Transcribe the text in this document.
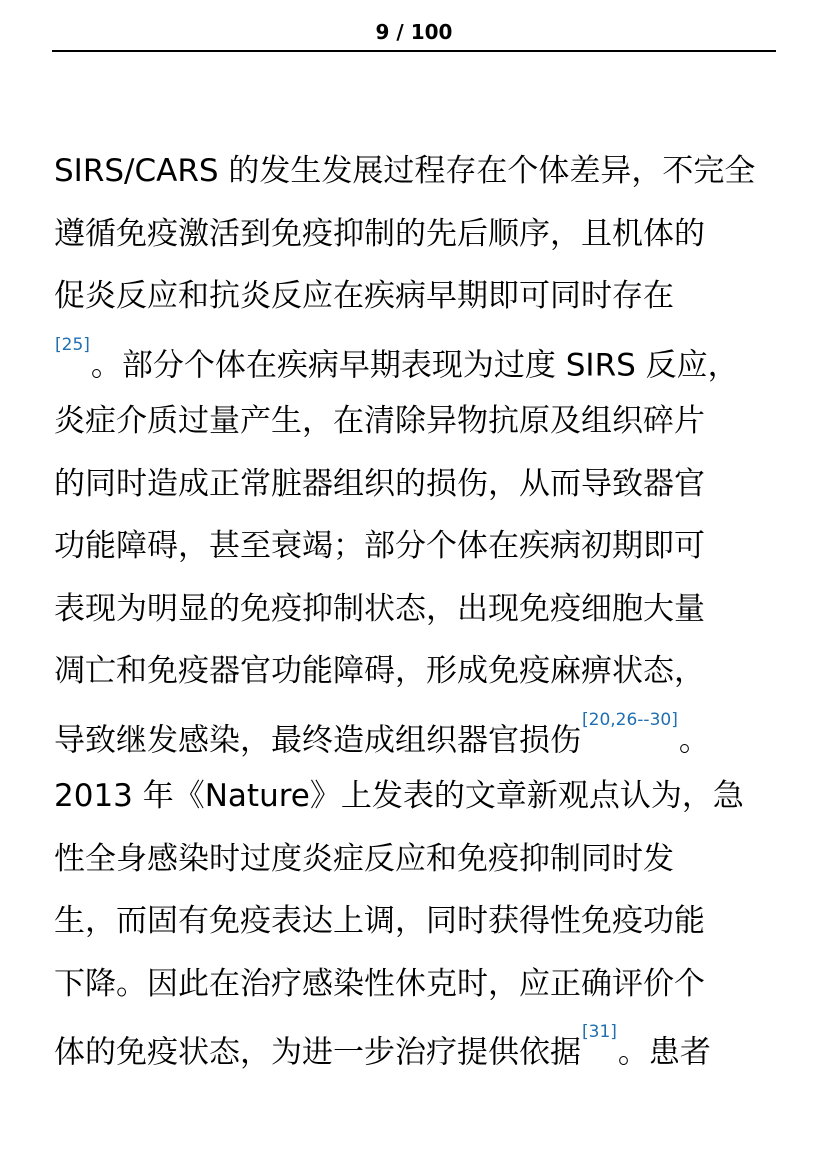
9 / 100
SIRS/CARS 的发生发展过程存在个体差异，不完全
遵循免疫激活到免疫抑制的先后顺序，且机体的
促炎反应和抗炎反应在疾病早期即可同时存在
[25]。部分个体在疾病早期表现为过度 SIRS 反应，
炎症介质过量产生，在清除异物抗原及组织碎片
的同时造成正常脏器组织的损伤，从而导致器官
功能障碍，甚至衰竭；部分个体在疾病初期即可
表现为明显的免疫抑制状态，出现免疫细胞大量
凋亡和免疫器官功能障碍，形成免疫麻痹状态，
导致继发感染，最终造成组织器官损伤[20,26--30]。
2013 年《Nature》上发表的文章新观点认为，急
性全身感染时过度炎症反应和免疫抑制同时发
生，而固有免疫表达上调，同时获得性免疫功能
下降。因此在治疗感染性休克时，应正确评价个
体的免疫状态，为进一步治疗提供依据[31]。患者
